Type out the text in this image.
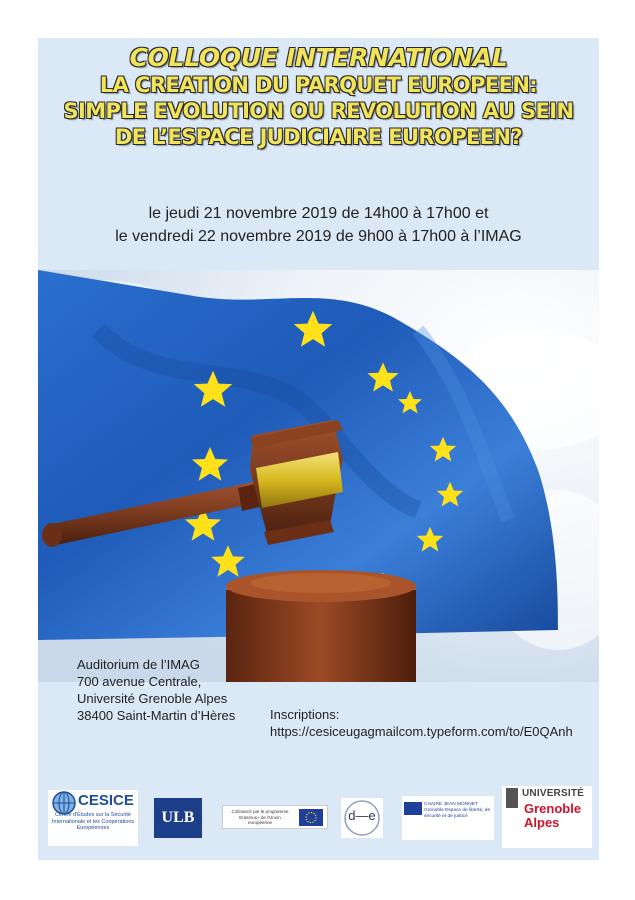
COLLOQUE INTERNATIONAL
LA CREATION DU PARQUET EUROPEEN:
SIMPLE EVOLUTION OU REVOLUTION AU SEIN
DE L’ESPACE JUDICIAIRE EUROPEEN?
le jeudi 21 novembre 2019 de 14h00 à 17h00 et
le vendredi 22 novembre 2019 de 9h00 à 17h00 à l’IMAG
Auditorium de l’IMAG
700 avenue Centrale,
Université Grenoble Alpes
38400 Saint-Martin d’Hères	Inscriptions:
https://cesiceugagmailcom.typeform.com/to/E0QAnh
CESICE
Centre d'Etudes sur la Sécurité Internationale et les Coopérations Européennes
ULB	Cofinancé par le programme Erasmus+ de l'Union européenne	d—e
CHAIRE JEAN MONNET Grenoble Espace de liberté, de sécurité et de justice
UNIVERSITÉ
Grenoble
Alpes
